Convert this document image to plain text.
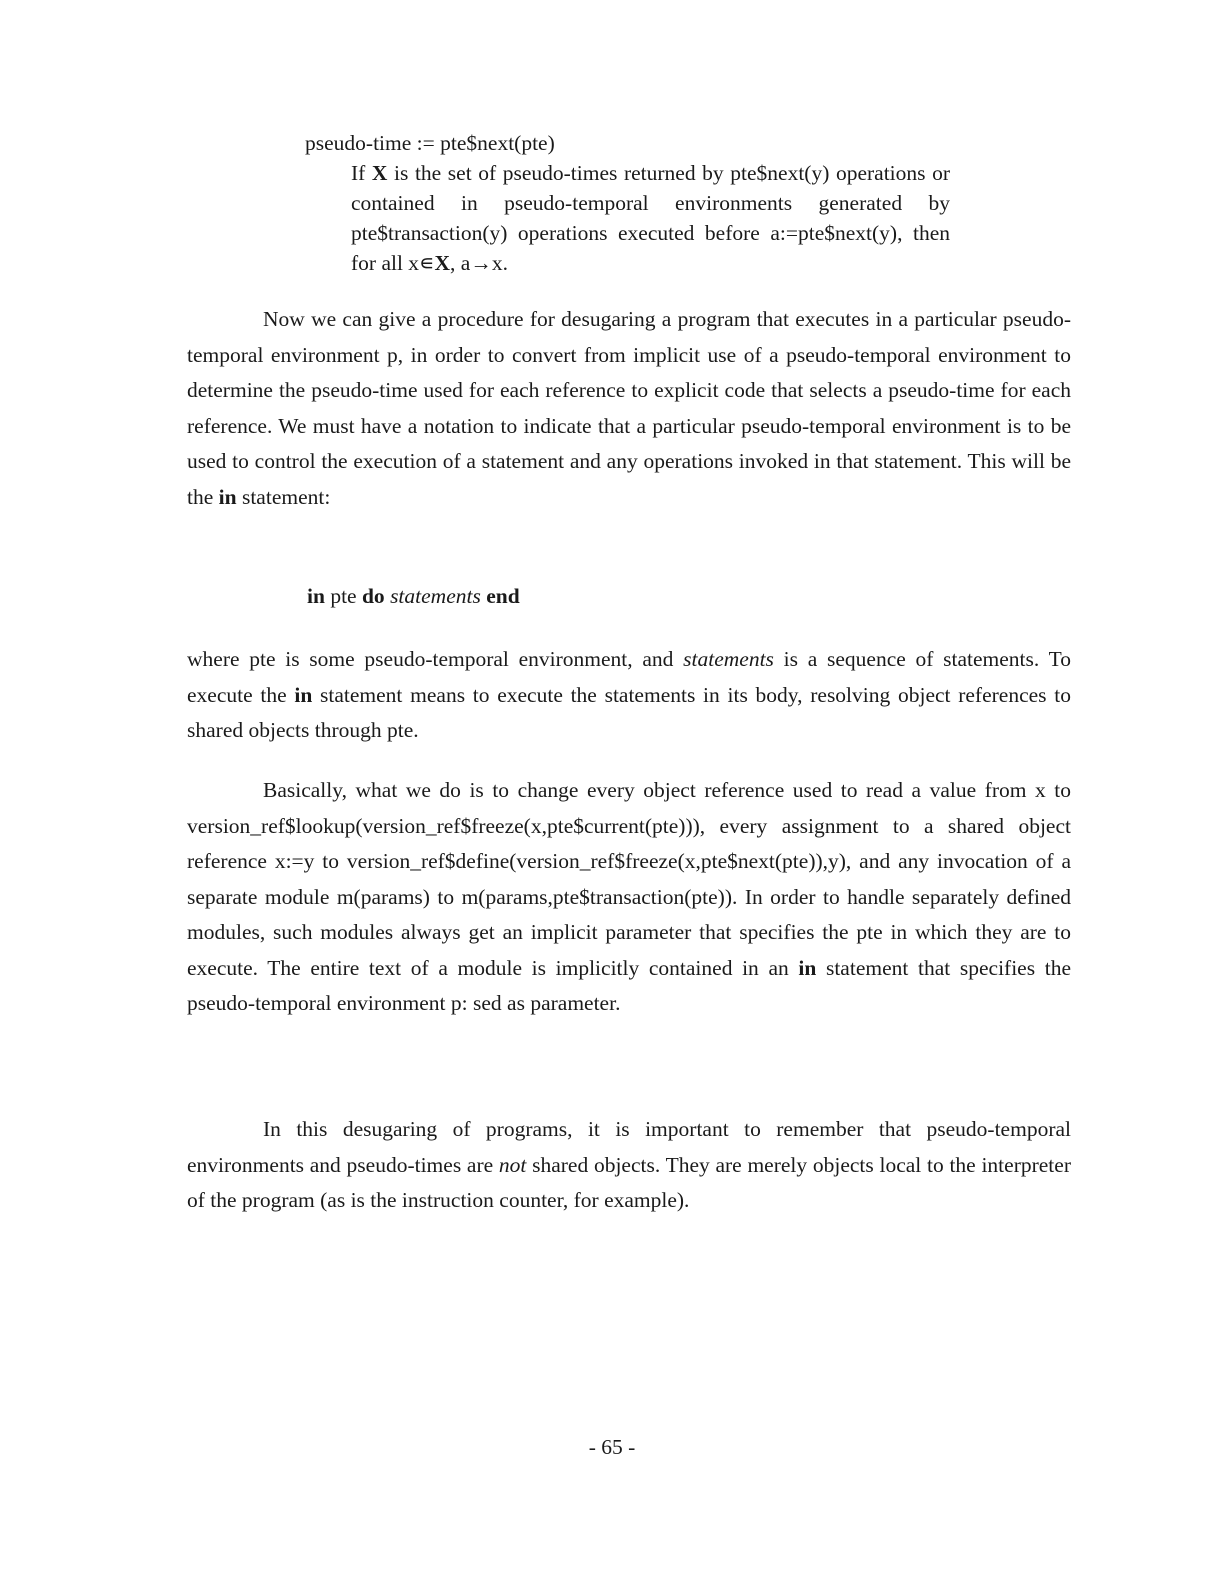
pseudo-time := pte$next(pte)

If X is the set of pseudo-times returned by pte$next(y) operations or contained in pseudo-temporal environments generated by pte$transaction(y) operations executed before a:=pte$next(y), then for all x∊X, a→x.

Now we can give a procedure for desugaring a program that executes in a particular pseudo-temporal environment p, in order to convert from implicit use of a pseudo-temporal environment to determine the pseudo-time used for each reference to explicit code that selects a pseudo-time for each reference. We must have a notation to indicate that a particular pseudo-temporal environment is to be used to control the execution of a statement and any operations invoked in that statement. This will be the in statement:

in pte do statements end

where pte is some pseudo-temporal environment, and statements is a sequence of statements. To execute the in statement means to execute the statements in its body, resolving object references to shared objects through pte.

Basically, what we do is to change every object reference used to read a value from x to version_ref$lookup(version_ref$freeze(x,pte$current(pte))), every assignment to a shared object reference x:=y to version_ref$define(version_ref$freeze(x,pte$next(pte)),y), and any invocation of a separate module m(params) to m(params,pte$transaction(pte)). In order to handle separately defined modules, such modules always get an implicit parameter that specifies the pte in which they are to execute. The entire text of a module is implicitly contained in an in statement that specifies the pseudo-temporal environment p: sed as parameter.

In this desugaring of programs, it is important to remember that pseudo-temporal environments and pseudo-times are not shared objects. They are merely objects local to the interpreter of the program (as is the instruction counter, for example).

- 65 -
